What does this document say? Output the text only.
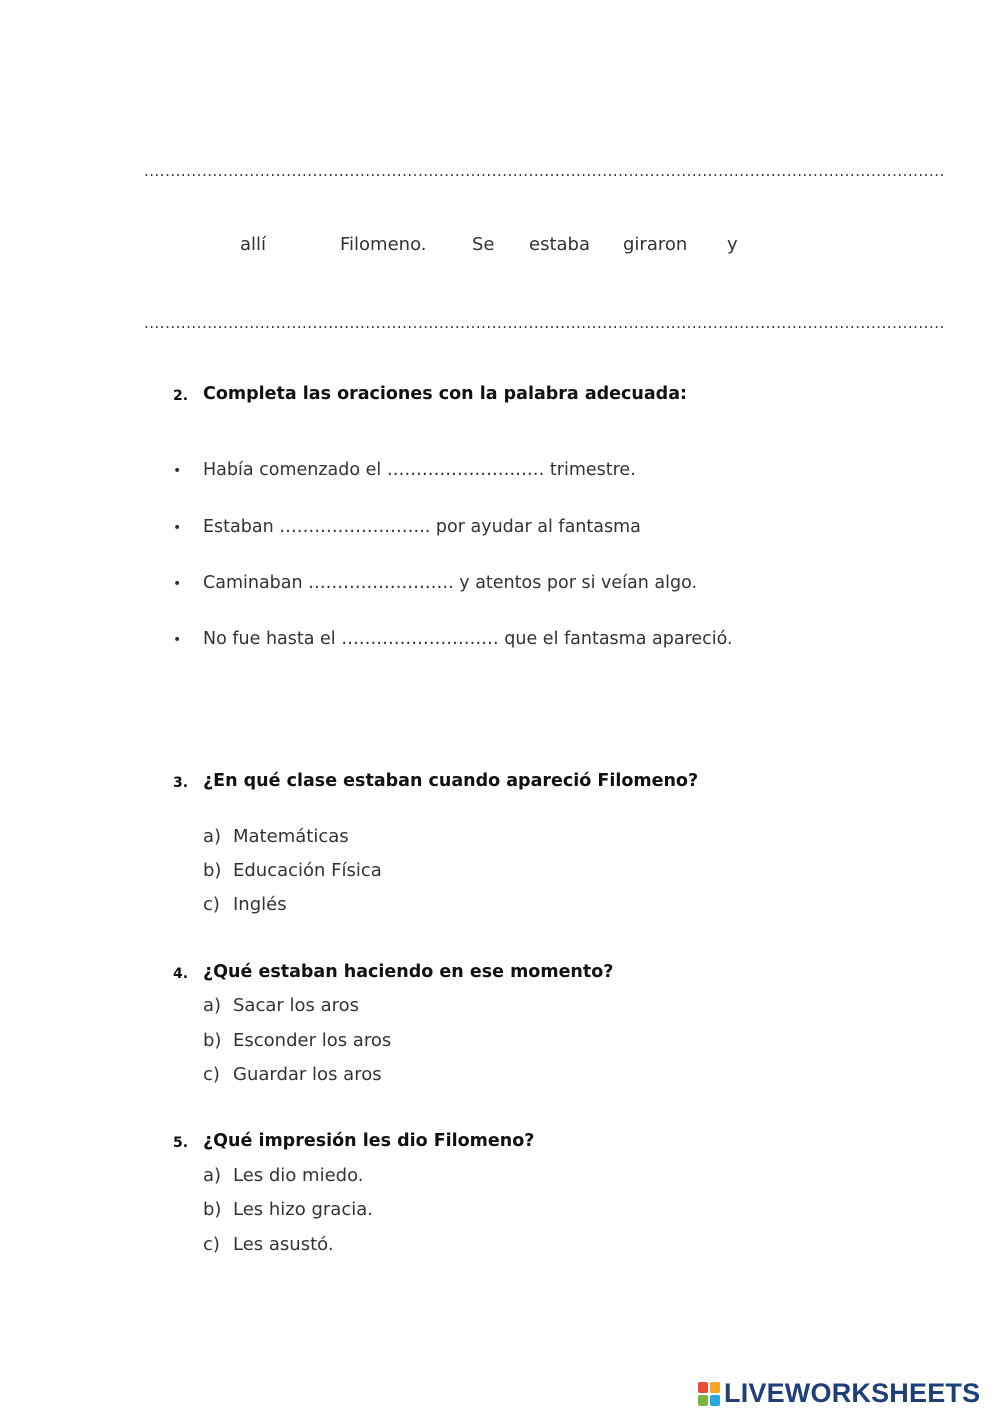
........................................................................................................................................................
allí	Filomeno.	Se estaba giraron y
........................................................................................................................................................
2. Completa las oraciones con la palabra adecuada:
•	Había comenzado el ……………………… trimestre.
•	Estaban …………………….. por ayudar al fantasma
•	Caminaban ……………………. y atentos por si veían algo.
•	No fue hasta el ……………………… que el fantasma apareció.
3. ¿En qué clase estaban cuando apareció Filomeno?
a) Matemáticas
b) Educación Física
c) Inglés
4. ¿Qué estaban haciendo en ese momento?
a) Sacar los aros
b) Esconder los aros
c) Guardar los aros
5. ¿Qué impresión les dio Filomeno?
a) Les dio miedo.
b) Les hizo gracia.
c) Les asustó.
LIVEWORKSHEETS
